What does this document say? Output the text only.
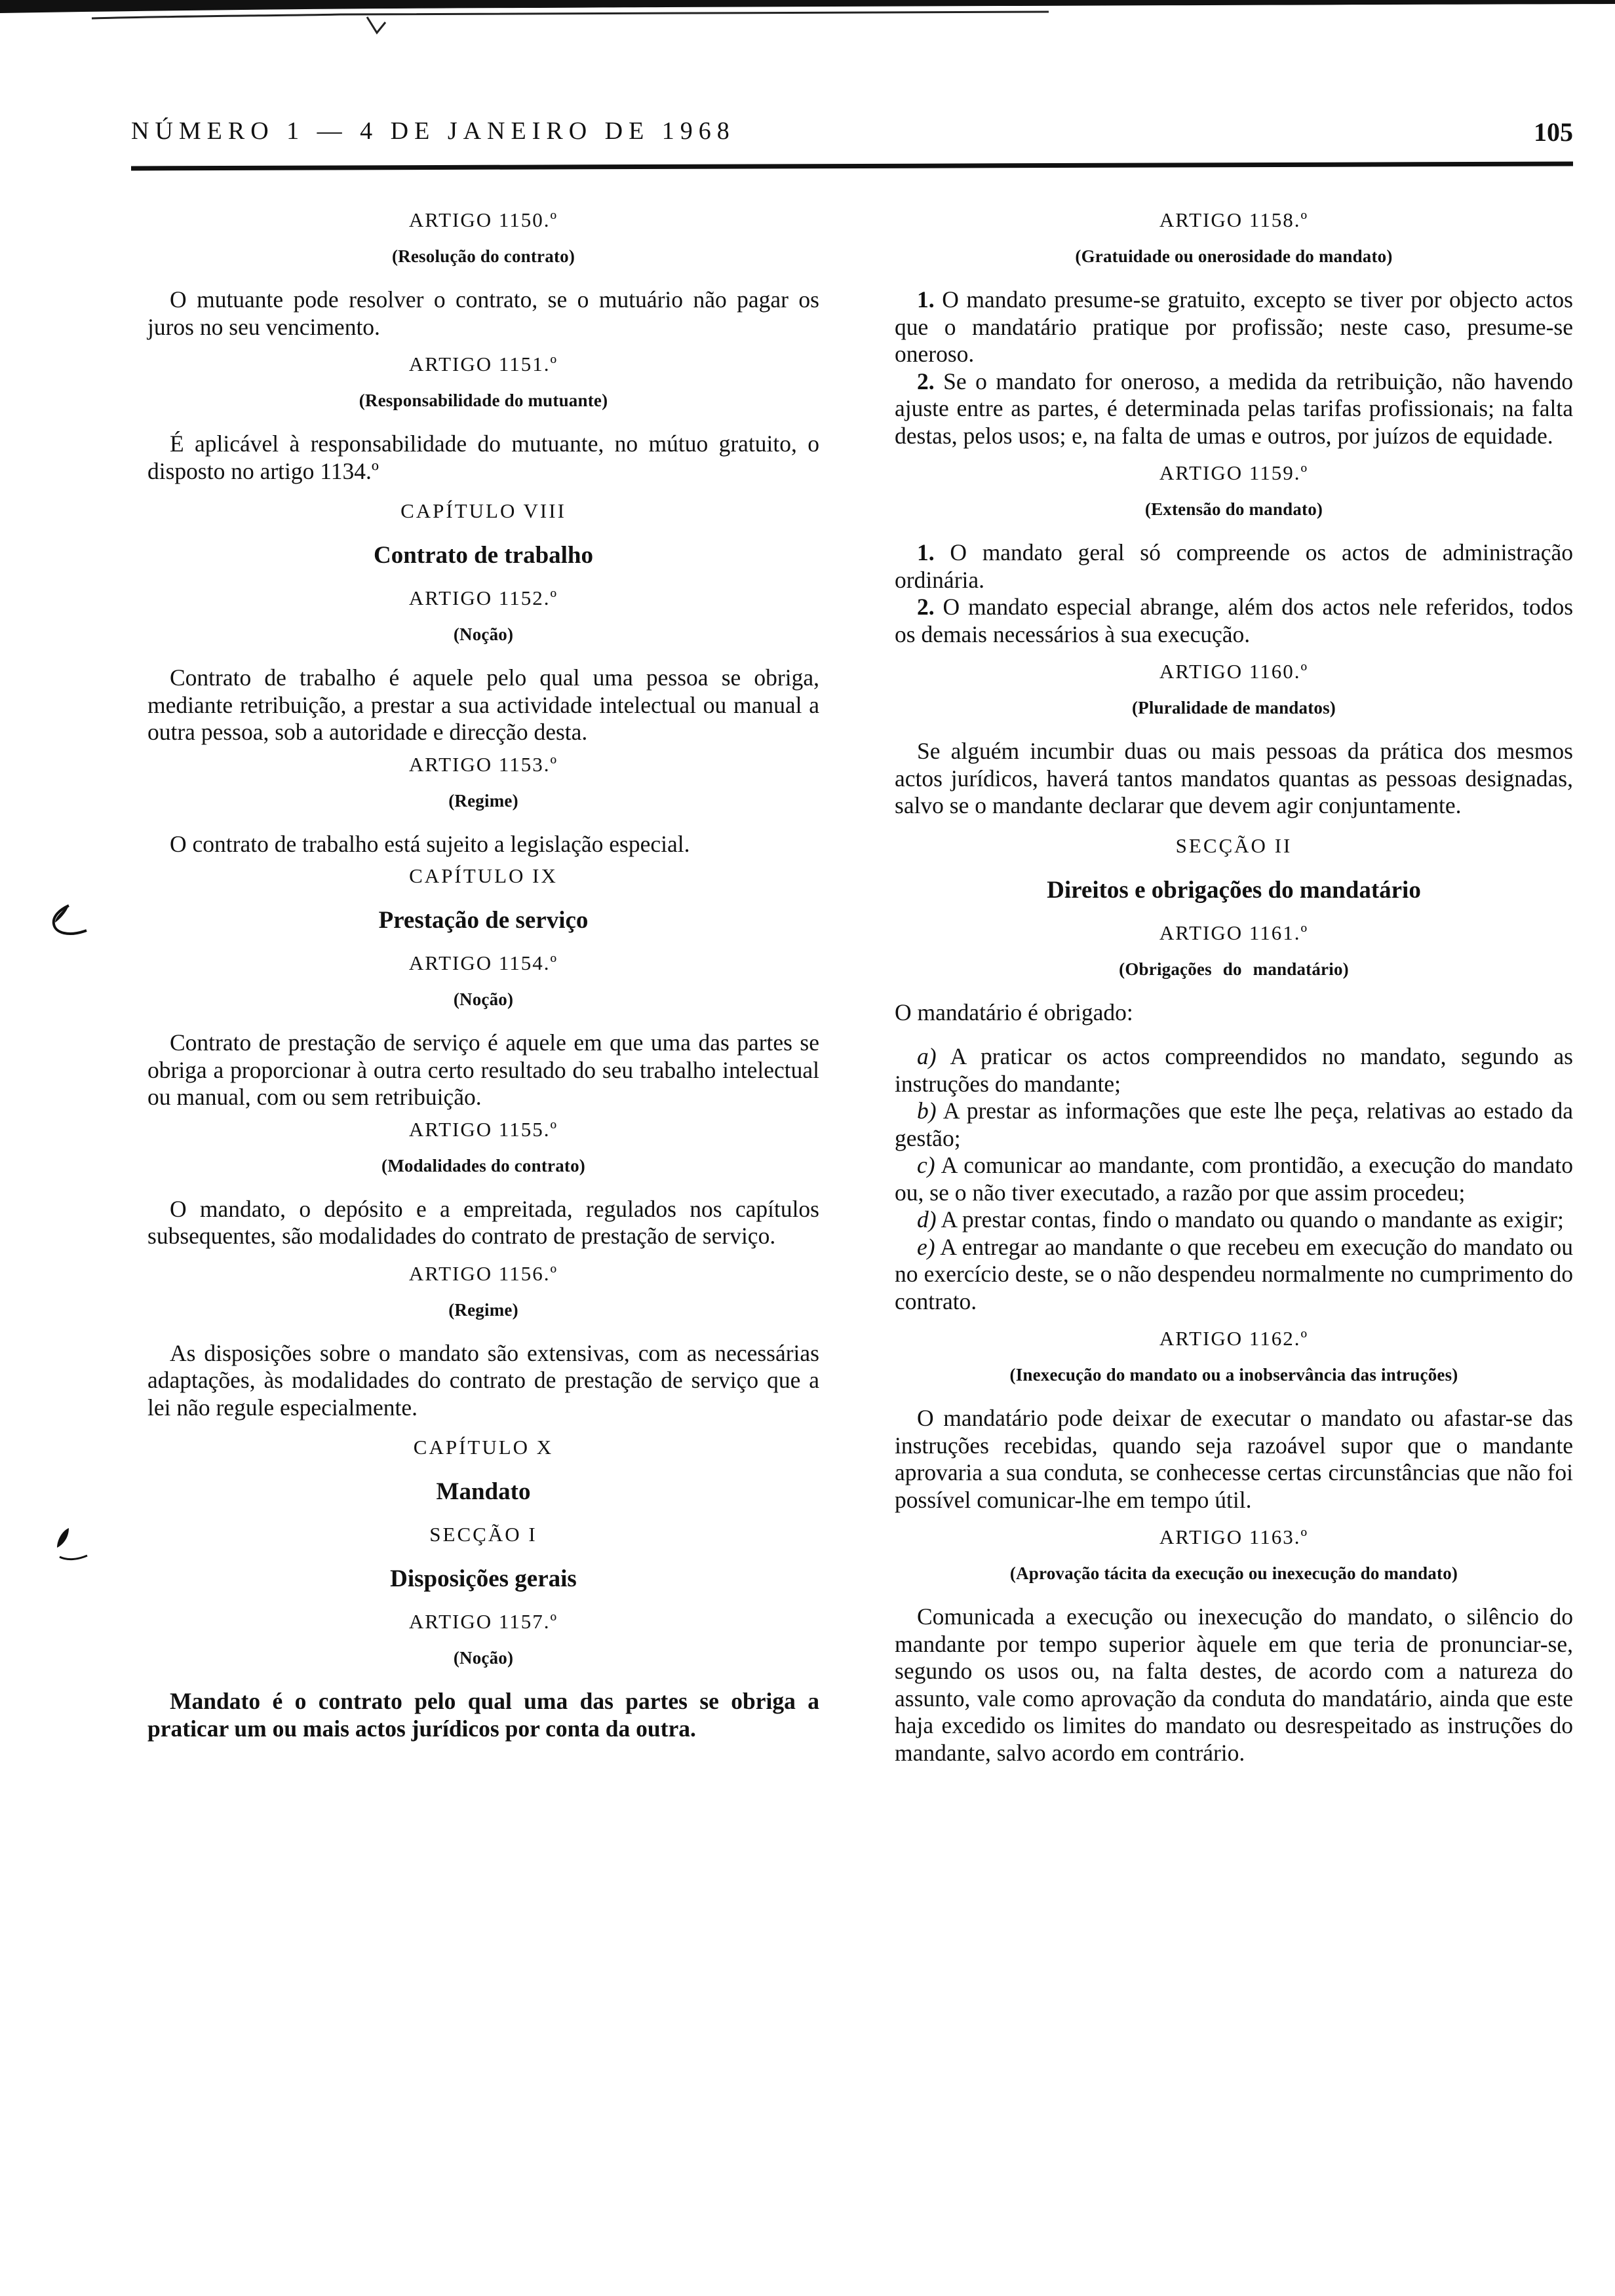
NÚMERO 1 — 4 DE JANEIRO DE 1968	105
ARTIGO 1150.º
(Resolução do contrato)

O mutuante pode resolver o contrato, se o mutuário não pagar os juros no seu vencimento.

ARTIGO 1151.º
(Responsabilidade do mutuante)

É aplicável à responsabilidade do mutuante, no mútuo gratuito, o disposto no artigo 1134.º

CAPÍTULO VIII
Contrato de trabalho
ARTIGO 1152.º
(Noção)

Contrato de trabalho é aquele pelo qual uma pessoa se obriga, mediante retribuição, a prestar a sua actividade intelectual ou manual a outra pessoa, sob a autoridade e direcção desta.

ARTIGO 1153.º
(Regime)

O contrato de trabalho está sujeito a legislação especial.

CAPÍTULO IX
Prestação de serviço
ARTIGO 1154.º
(Noção)

Contrato de prestação de serviço é aquele em que uma das partes se obriga a proporcionar à outra certo resultado do seu trabalho intelectual ou manual, com ou sem retribuição.

ARTIGO 1155.º
(Modalidades do contrato)

O mandato, o depósito e a empreitada, regulados nos capítulos subsequentes, são modalidades do contrato de prestação de serviço.

ARTIGO 1156.º
(Regime)

As disposições sobre o mandato são extensivas, com as necessárias adaptações, às modalidades do contrato de prestação de serviço que a lei não regule especialmente.

CAPÍTULO X
Mandato
SECÇÃO I
Disposições gerais
ARTIGO 1157.º
(Noção)

Mandato é o contrato pelo qual uma das partes se obriga a praticar um ou mais actos jurídicos por conta da outra.

ARTIGO 1158.º
(Gratuidade ou onerosidade do mandato)

1. O mandato presume-se gratuito, excepto se tiver por objecto actos que o mandatário pratique por profissão; neste caso, presume-se oneroso.

2. Se o mandato for oneroso, a medida da retribuição, não havendo ajuste entre as partes, é determinada pelas tarifas profissionais; na falta destas, pelos usos; e, na falta de umas e outros, por juízos de equidade.

ARTIGO 1159.º
(Extensão do mandato)

1. O mandato geral só compreende os actos de administração ordinária.

2. O mandato especial abrange, além dos actos nele referidos, todos os demais necessários à sua execução.

ARTIGO 1160.º
(Pluralidade de mandatos)

Se alguém incumbir duas ou mais pessoas da prática dos mesmos actos jurídicos, haverá tantos mandatos quantas as pessoas designadas, salvo se o mandante declarar que devem agir conjuntamente.

SECÇÃO II
Direitos e obrigações do mandatário
ARTIGO 1161.º
(Obrigações do mandatário)

O mandatário é obrigado:

a) A praticar os actos compreendidos no mandato, segundo as instruções do mandante;

b) A prestar as informações que este lhe peça, relativas ao estado da gestão;

c) A comunicar ao mandante, com prontidão, a execução do mandato ou, se o não tiver executado, a razão por que assim procedeu;

d) A prestar contas, findo o mandato ou quando o mandante as exigir;

e) A entregar ao mandante o que recebeu em execução do mandato ou no exercício deste, se o não despendeu normalmente no cumprimento do contrato.

ARTIGO 1162.º
(Inexecução do mandato ou a inobservância das intruções)

O mandatário pode deixar de executar o mandato ou afastar-se das instruções recebidas, quando seja razoável supor que o mandante aprovaria a sua conduta, se conhecesse certas circunstâncias que não foi possível comunicar-lhe em tempo útil.

ARTIGO 1163.º
(Aprovação tácita da execução ou inexecução do mandato)

Comunicada a execução ou inexecução do mandato, o silêncio do mandante por tempo superior àquele em que teria de pronunciar-se, segundo os usos ou, na falta destes, de acordo com a natureza do assunto, vale como aprovação da conduta do mandatário, ainda que este haja excedido os limites do mandato ou desrespeitado as instruções do mandante, salvo acordo em contrário.
